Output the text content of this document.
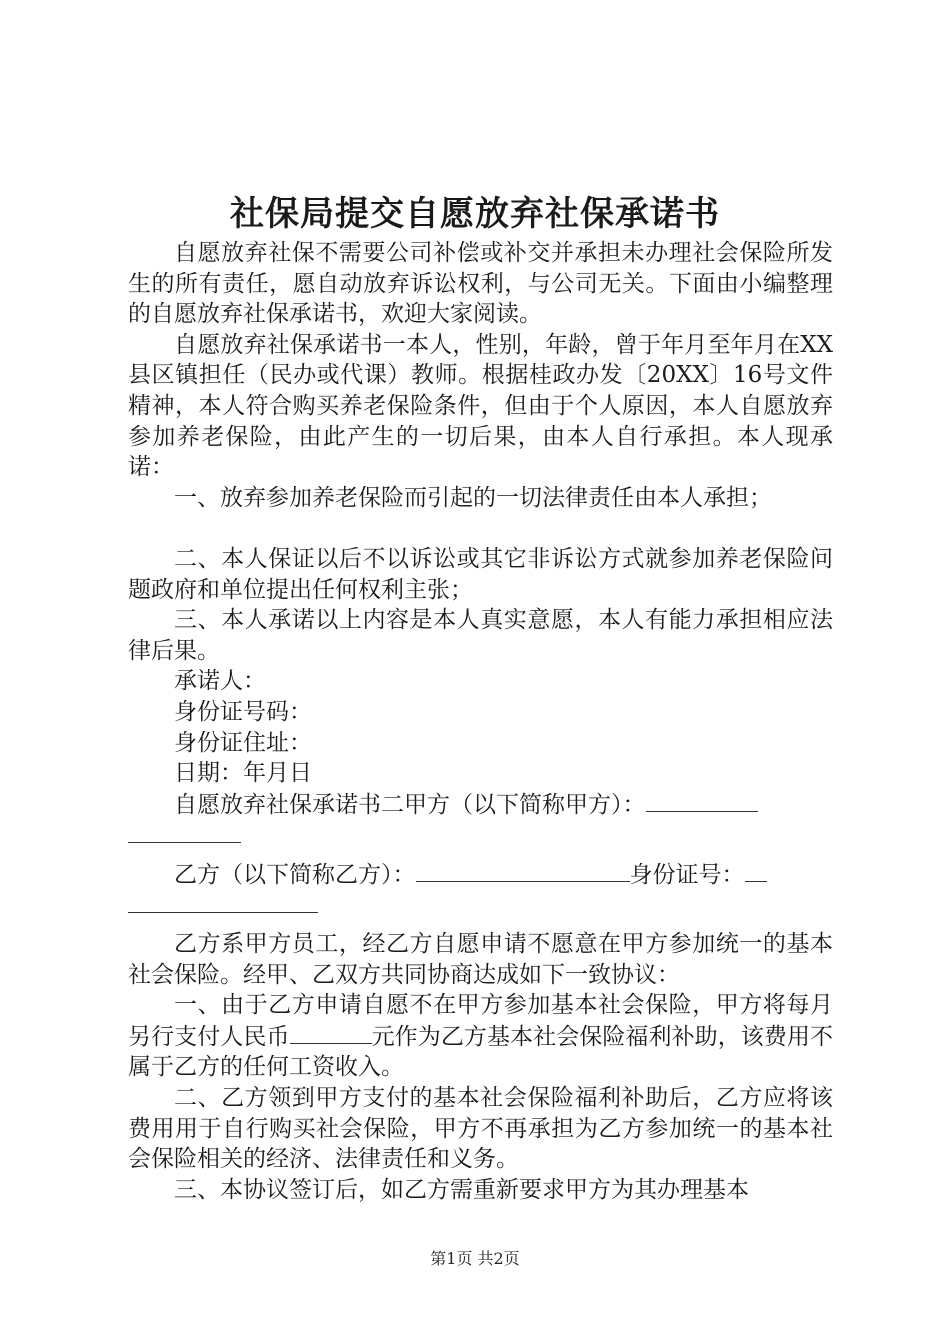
社保局提交自愿放弃社保承诺书

自愿放弃社保不需要公司补偿或补交并承担未办理社会保险所发生的所有责任，愿自动放弃诉讼权利，与公司无关。下面由小编整理的自愿放弃社保承诺书，欢迎大家阅读。

自愿放弃社保承诺书一本人，性别，年龄，曾于年月至年月在XX县区镇担任（民办或代课）教师。根据桂政办发〔20XX〕16号文件精神，本人符合购买养老保险条件，但由于个人原因，本人自愿放弃参加养老保险，由此产生的一切后果，由本人自行承担。本人现承诺：

一、放弃参加养老保险而引起的一切法律责任由本人承担；

二、本人保证以后不以诉讼或其它非诉讼方式就参加养老保险问题政府和单位提出任何权利主张；

三、本人承诺以上内容是本人真实意愿，本人有能力承担相应法律后果。

承诺人：

身份证号码：

身份证住址：

日期：年月日

自愿放弃社保承诺书二甲方（以下简称甲方）：

乙方（以下简称乙方）：	身份证号：

乙方系甲方员工，经乙方自愿申请不愿意在甲方参加统一的基本社会保险。经甲、乙双方共同协商达成如下一致协议：

一、由于乙方申请自愿不在甲方参加基本社会保险，甲方将每月另行支付人民币	元作为乙方基本社会保险福利补助，该费用不属于乙方的任何工资收入。

二、乙方领到甲方支付的基本社会保险福利补助后，乙方应将该费用用于自行购买社会保险，甲方不再承担为乙方参加统一的基本社会保险相关的经济、法律责任和义务。

三、本协议签订后，如乙方需重新要求甲方为其办理基本

第1页 共2页
